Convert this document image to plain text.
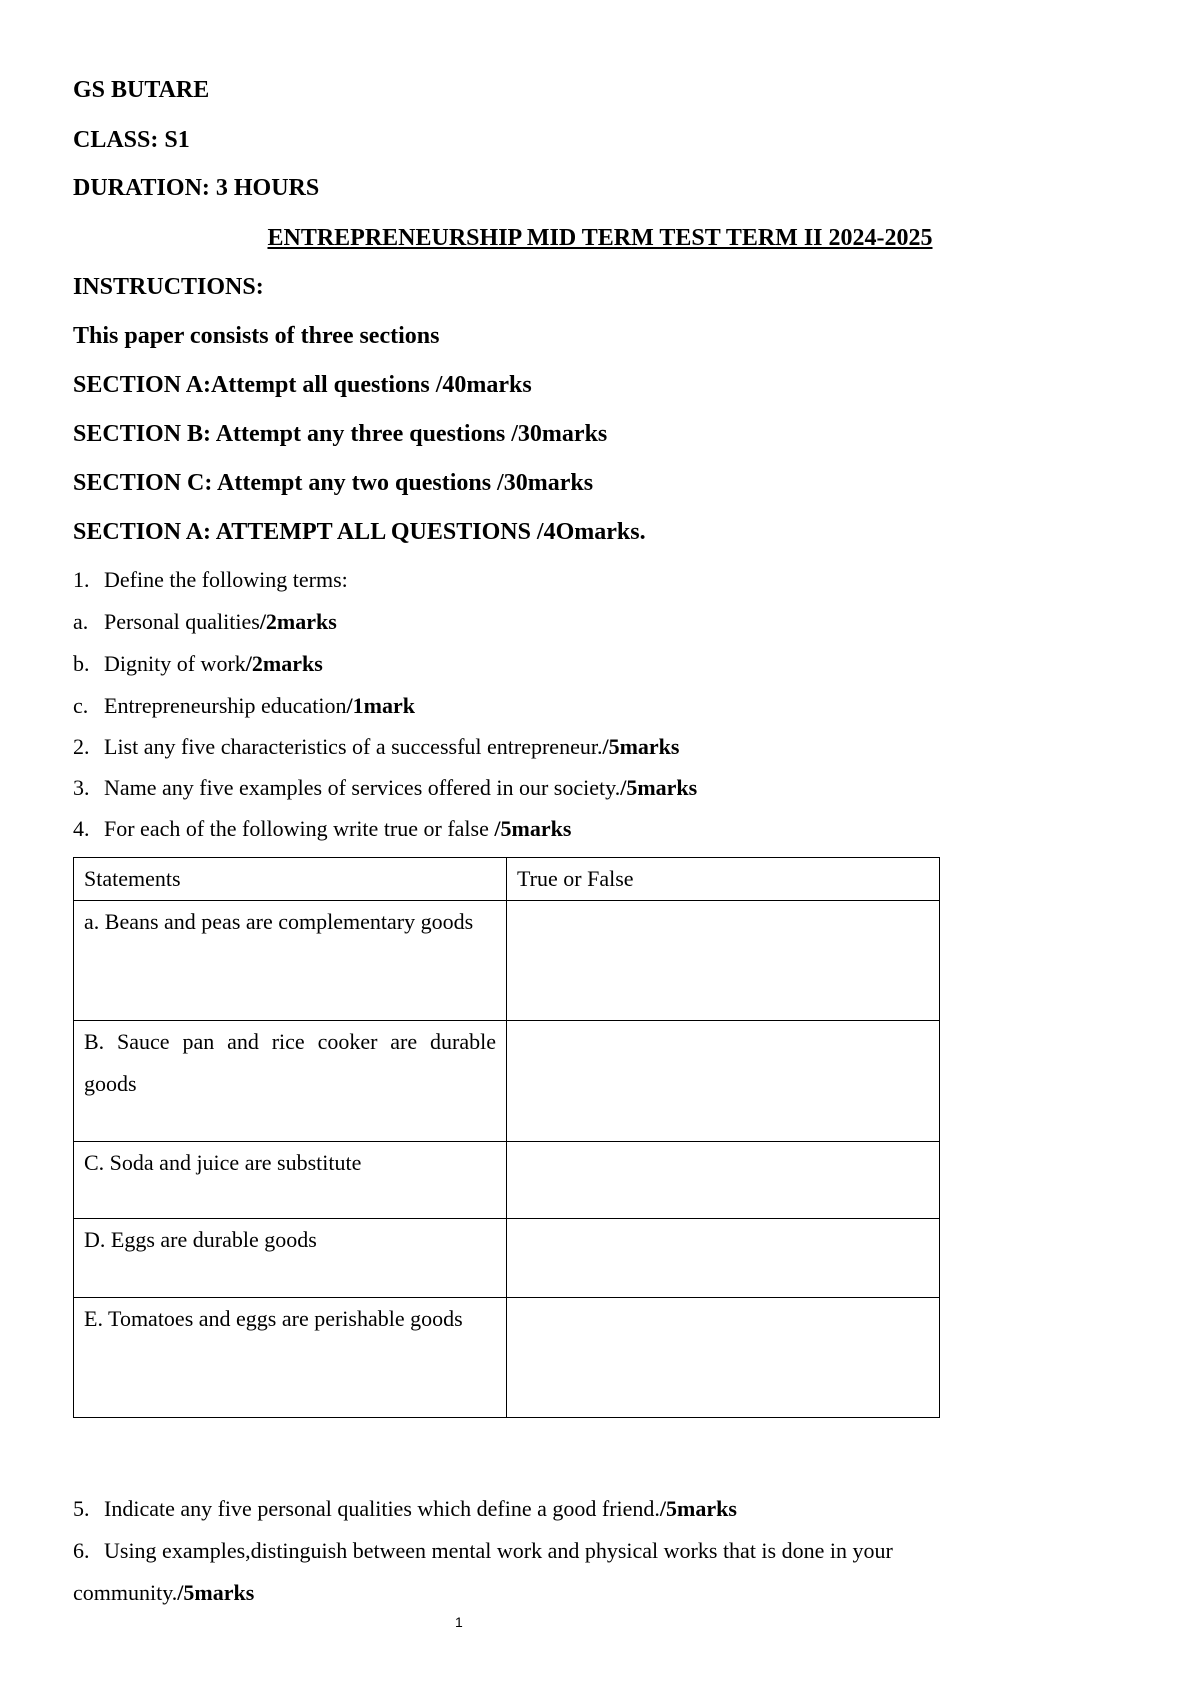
GS BUTARE
CLASS: S1
DURATION: 3 HOURS
ENTREPRENEURSHIP MID TERM TEST TERM II 2024-2025
INSTRUCTIONS:
This paper consists of three sections
SECTION A:Attempt all questions /40marks
SECTION B: Attempt any three questions /30marks
SECTION C: Attempt any two questions /30marks
SECTION A: ATTEMPT ALL QUESTIONS /4Omarks.
1. Define the following terms:
a. Personal qualities/2marks
b. Dignity of work/2marks
c. Entrepreneurship education/1mark
2. List any five characteristics of a successful entrepreneur./5marks
3. Name any five examples of services offered in our society./5marks
4. For each of the following write true or false /5marks
Statements	True or False
a. Beans and peas are complementary goods	
B. Sauce pan and rice cooker are durable goods	
C. Soda and juice are substitute	
D. Eggs are durable goods	
E. Tomatoes and eggs are perishable goods	
5. Indicate any five personal qualities which define a good friend./5marks
6. Using examples,distinguish between mental work and physical works that is done in your
community./5marks
1
